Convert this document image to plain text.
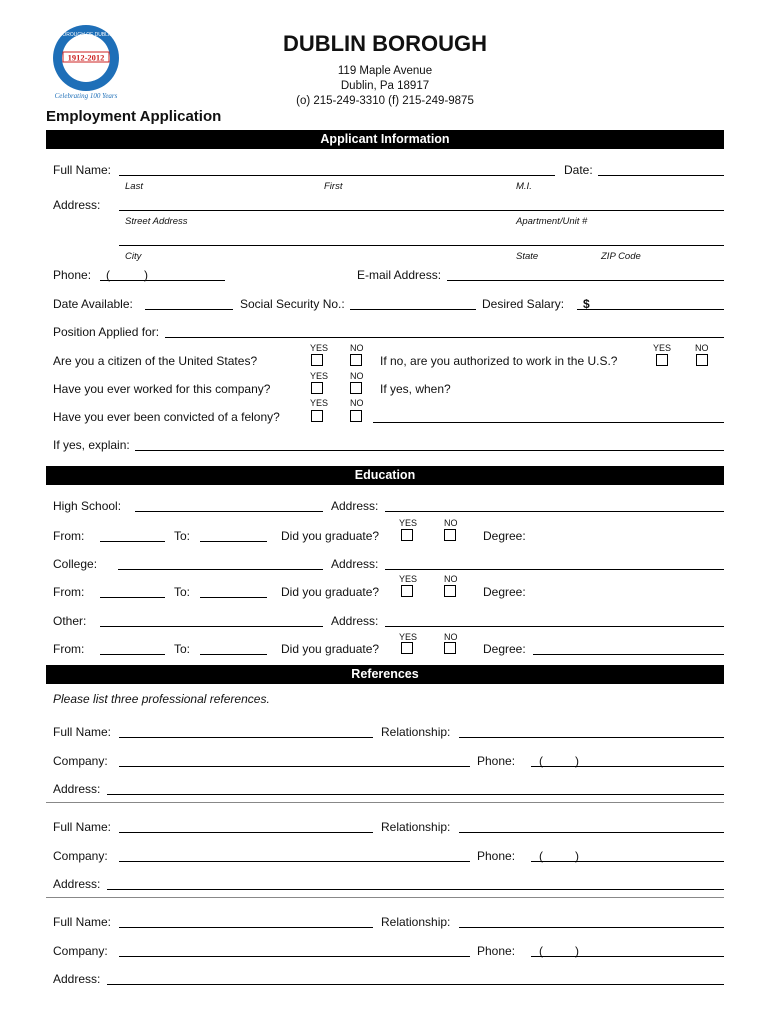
1912-2012
BOROUGH OF DUBLIN
Celebrating 100 Years
DUBLIN BOROUGH
119 Maple Avenue
Dublin, Pa 18917
(o) 215-249-3310 (f) 215-249-9875
Employment Application
Applicant Information
Full Name:	Date:
Last	First	M.I.
Address:
Street Address	Apartment/Unit #
City	State	ZIP Code
Phone: (	)	E-mail Address:
Date Available:	Social Security No.:	Desired Salary: $
Position Applied for:
YES NO
Are you a citizen of the United States?	If no, are you authorized to work in the U.S.?
YES	NO
YES NO
Have you ever worked for this company?	If yes, when?
YES NO
Have you ever been convicted of a felony?
If yes, explain:
Education
High School:	Address:
YES	NO
From:	To:	Did you graduate?	Degree:
College:	Address:
YES	NO
From:	To:	Did you graduate?	Degree:
Other:	Address:
YES	NO
From:	To:	Did you graduate?	Degree:
References
Please list three professional references.
Full Name:	Relationship:
Company:	Phone: (	)
Address:
Full Name:	Relationship:
Company:	Phone: (	)
Address:
Full Name:	Relationship:
Company:	Phone: (	)
Address:
